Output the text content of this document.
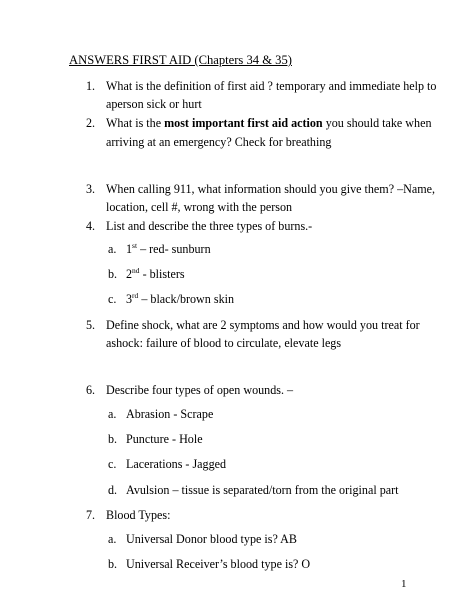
ANSWERS FIRST AID (Chapters 34 & 35)
1. What is the definition of first aid ? temporary and immediate help to
aperson sick or hurt
2. What is the most important first aid action you should take when
arriving at an emergency? Check for breathing
3. When calling 911, what information should you give them? –Name,
location, cell #, wrong with the person
4. List and describe the three types of burns.-
a. 1st – red- sunburn
b. 2nd - blisters
c. 3rd – black/brown skin
5. Define shock, what are 2 symptoms and how would you treat for
ashock: failure of blood to circulate, elevate legs
6. Describe four types of open wounds. –
a. Abrasion - Scrape
b. Puncture - Hole
c. Lacerations - Jagged
d. Avulsion – tissue is separated/torn from the original part
7. Blood Types:
a. Universal Donor blood type is? AB
b. Universal Receiver’s blood type is? O
1
